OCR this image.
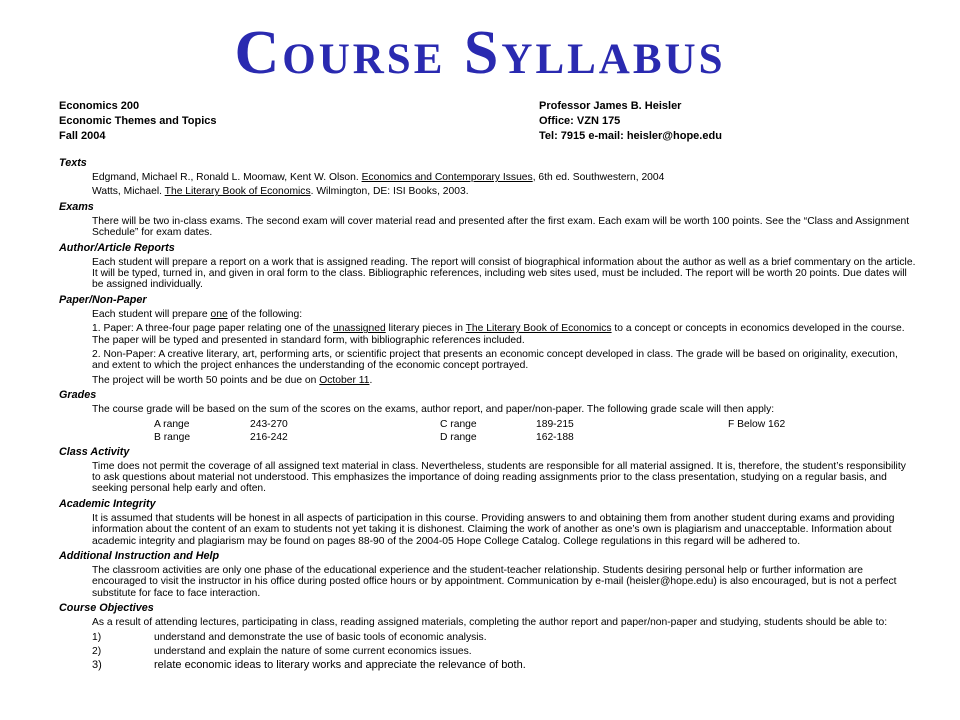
Course Syllabus
Economics 200
Economic Themes and Topics
Fall 2004
Professor James B. Heisler
Office: VZN 175
Tel: 7915 e-mail: heisler@hope.edu
Texts
Edgmand, Michael R., Ronald L. Moomaw, Kent W. Olson. Economics and Contemporary Issues, 6th ed. Southwestern, 2004
Watts, Michael. The Literary Book of Economics. Wilmington, DE: ISI Books, 2003.
Exams
There will be two in-class exams. The second exam will cover material read and presented after the first exam. Each exam will be worth 100 points. See the “Class and Assignment Schedule” for exam dates.
Author/Article Reports
Each student will prepare a report on a work that is assigned reading. The report will consist of biographical information about the author as well as a brief commentary on the article. It will be typed, turned in, and given in oral form to the class. Bibliographic references, including web sites used, must be included. The report will be worth 20 points. Due dates will be assigned individually.
Paper/Non-Paper
Each student will prepare one of the following:
1. Paper: A three-four page paper relating one of the unassigned literary pieces in The Literary Book of Economics to a concept or concepts in economics developed in the course. The paper will be typed and presented in standard form, with bibliographic references included.
2. Non-Paper: A creative literary, art, performing arts, or scientific project that presents an economic concept developed in class. The grade will be based on originality, execution, and extent to which the project enhances the understanding of the economic concept portrayed.
The project will be worth 50 points and be due on October 11.
Grades
The course grade will be based on the sum of the scores on the exams, author report, and paper/non-paper. The following grade scale will then apply:
A range	243-270	C range	189-215	F Below 162
B range	216-242	D range	162-188
Class Activity
Time does not permit the coverage of all assigned text material in class. Nevertheless, students are responsible for all material assigned. It is, therefore, the student’s responsibility to ask questions about material not understood. This emphasizes the importance of doing reading assignments prior to the class presentation, studying on a regular basis, and seeking personal help early and often.
Academic Integrity
It is assumed that students will be honest in all aspects of participation in this course. Providing answers to and obtaining them from another student during exams and providing information about the content of an exam to students not yet taking it is dishonest. Claiming the work of another as one’s own is plagiarism and unacceptable. Information about academic integrity and plagiarism may be found on pages 88-90 of the 2004-05 Hope College Catalog. College regulations in this regard will be adhered to.
Additional Instruction and Help
The classroom activities are only one phase of the educational experience and the student-teacher relationship. Students desiring personal help or further information are encouraged to visit the instructor in his office during posted office hours or by appointment. Communication by e-mail (heisler@hope.edu) is also encouraged, but is not a perfect substitute for face to face interaction.
Course Objectives
As a result of attending lectures, participating in class, reading assigned materials, completing the author report and paper/non-paper and studying, students should be able to:
1)	understand and demonstrate the use of basic tools of economic analysis.
2)	understand and explain the nature of some current economics issues.
3)	relate economic ideas to literary works and appreciate the relevance of both.
